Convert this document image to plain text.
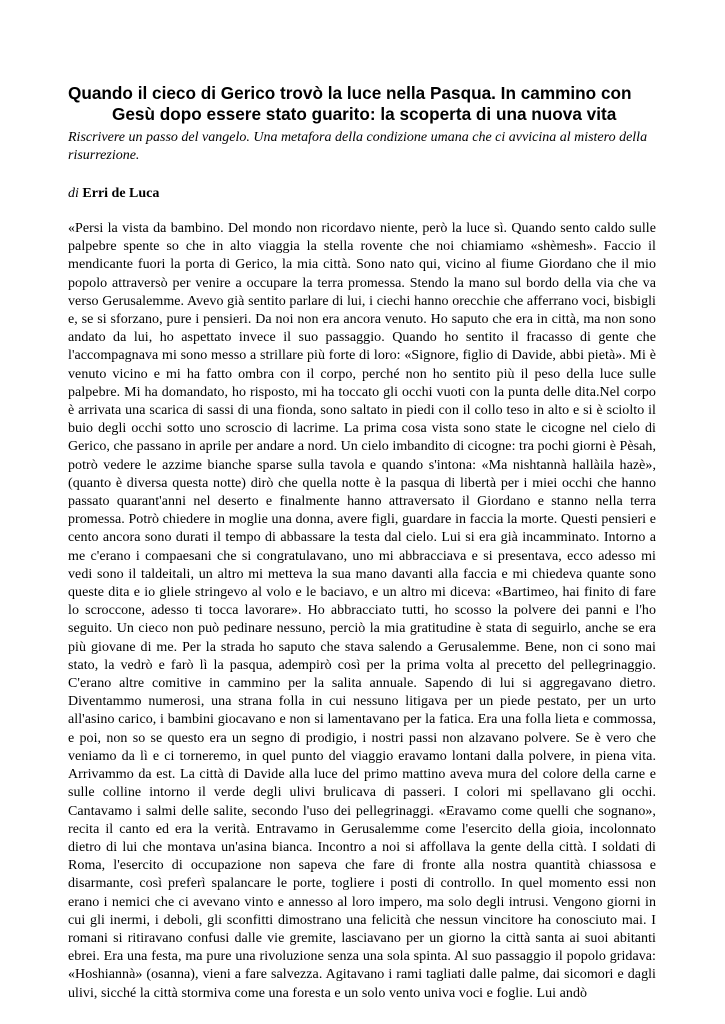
Quando il cieco di Gerico trovò la luce nella Pasqua. In cammino con Gesù dopo essere stato guarito: la scoperta di una nuova vita

Riscrivere un passo del vangelo. Una metafora della condizione umana che ci avvicina al mistero della risurrezione.

di Erri de Luca

«Persi la vista da bambino. Del mondo non ricordavo niente, però la luce sì. Quando sento caldo sulle palpebre spente so che in alto viaggia la stella rovente che noi chiamiamo «shèmesh». Faccio il mendicante fuori la porta di Gerico, la mia città. Sono nato qui, vicino al fiume Giordano che il mio popolo attraversò per venire a occupare la terra promessa. Stendo la mano sul bordo della via che va verso Gerusalemme. Avevo già sentito parlare di lui, i ciechi hanno orecchie che afferrano voci, bisbigli e, se si sforzano, pure i pensieri. Da noi non era ancora venuto. Ho saputo che era in città, ma non sono andato da lui, ho aspettato invece il suo passaggio. Quando ho sentito il fracasso di gente che l'accompagnava mi sono messo a strillare più forte di loro: «Signore, figlio di Davide, abbi pietà». Mi è venuto vicino e mi ha fatto ombra con il corpo, perché non ho sentito più il peso della luce sulle palpebre. Mi ha domandato, ho risposto, mi ha toccato gli occhi vuoti con la punta delle dita.Nel corpo è arrivata una scarica di sassi di una fionda, sono saltato in piedi con il collo teso in alto e si è sciolto il buio degli occhi sotto uno scroscio di lacrime. La prima cosa vista sono state le cicogne nel cielo di Gerico, che passano in aprile per andare a nord. Un cielo imbandito di cicogne: tra pochi giorni è Pèsah, potrò vedere le azzime bianche sparse sulla tavola e quando s'intona: «Ma nishtannà hallàila hazè», (quanto è diversa questa notte) dirò che quella notte è la pasqua di libertà per i miei occhi che hanno passato quarant'anni nel deserto e finalmente hanno attraversato il Giordano e stanno nella terra promessa. Potrò chiedere in moglie una donna, avere figli, guardare in faccia la morte. Questi pensieri e cento ancora sono durati il tempo di abbassare la testa dal cielo. Lui si era già incamminato. Intorno a me c'erano i compaesani che si congratulavano, uno mi abbracciava e si presentava, ecco adesso mi vedi sono il taldeitali, un altro mi metteva la sua mano davanti alla faccia e mi chiedeva quante sono queste dita e io gliele stringevo al volo e le baciavo, e un altro mi diceva: «Bartimeo, hai finito di fare lo scroccone, adesso ti tocca lavorare». Ho abbracciato tutti, ho scosso la polvere dei panni e l'ho seguito. Un cieco non può pedinare nessuno, perciò la mia gratitudine è stata di seguirlo, anche se era più giovane di me. Per la strada ho saputo che stava salendo a Gerusalemme. Bene, non ci sono mai stato, la vedrò e farò lì la pasqua, adempirò così per la prima volta al precetto del pellegrinaggio. C'erano altre comitive in cammino per la salita annuale. Sapendo di lui si aggregavano dietro. Diventammo numerosi, una strana folla in cui nessuno litigava per un piede pestato, per un urto all'asino carico, i bambini giocavano e non si lamentavano per la fatica. Era una folla lieta e commossa, e poi, non so se questo era un segno di prodigio, i nostri passi non alzavano polvere. Se è vero che veniamo da lì e ci torneremo, in quel punto del viaggio eravamo lontani dalla polvere, in piena vita. Arrivammo da est. La città di Davide alla luce del primo mattino aveva mura del colore della carne e sulle colline intorno il verde degli ulivi brulicava di passeri. I colori mi spellavano gli occhi. Cantavamo i salmi delle salite, secondo l'uso dei pellegrinaggi. «Eravamo come quelli che sognano», recita il canto ed era la verità. Entravamo in Gerusalemme come l'esercito della gioia, incolonnato dietro di lui che montava un'asina bianca. Incontro a noi si affollava la gente della città. I soldati di Roma, l'esercito di occupazione non sapeva che fare di fronte alla nostra quantità chiassosa e disarmante, così preferì spalancare le porte, togliere i posti di controllo. In quel momento essi non erano i nemici che ci avevano vinto e annesso al loro impero, ma solo degli intrusi. Vengono giorni in cui gli inermi, i deboli, gli sconfitti dimostrano una felicità che nessun vincitore ha conosciuto mai. I romani si ritiravano confusi dalle vie gremite, lasciavano per un giorno la città santa ai suoi abitanti ebrei. Era una festa, ma pure una rivoluzione senza una sola spinta. Al suo passaggio il popolo gridava: «Hoshiannà» (osanna), vieni a fare salvezza. Agitavano i rami tagliati dalle palme, dai sicomori e dagli ulivi, sicché la città stormiva come una foresta e un solo vento univa voci e foglie. Lui andò
